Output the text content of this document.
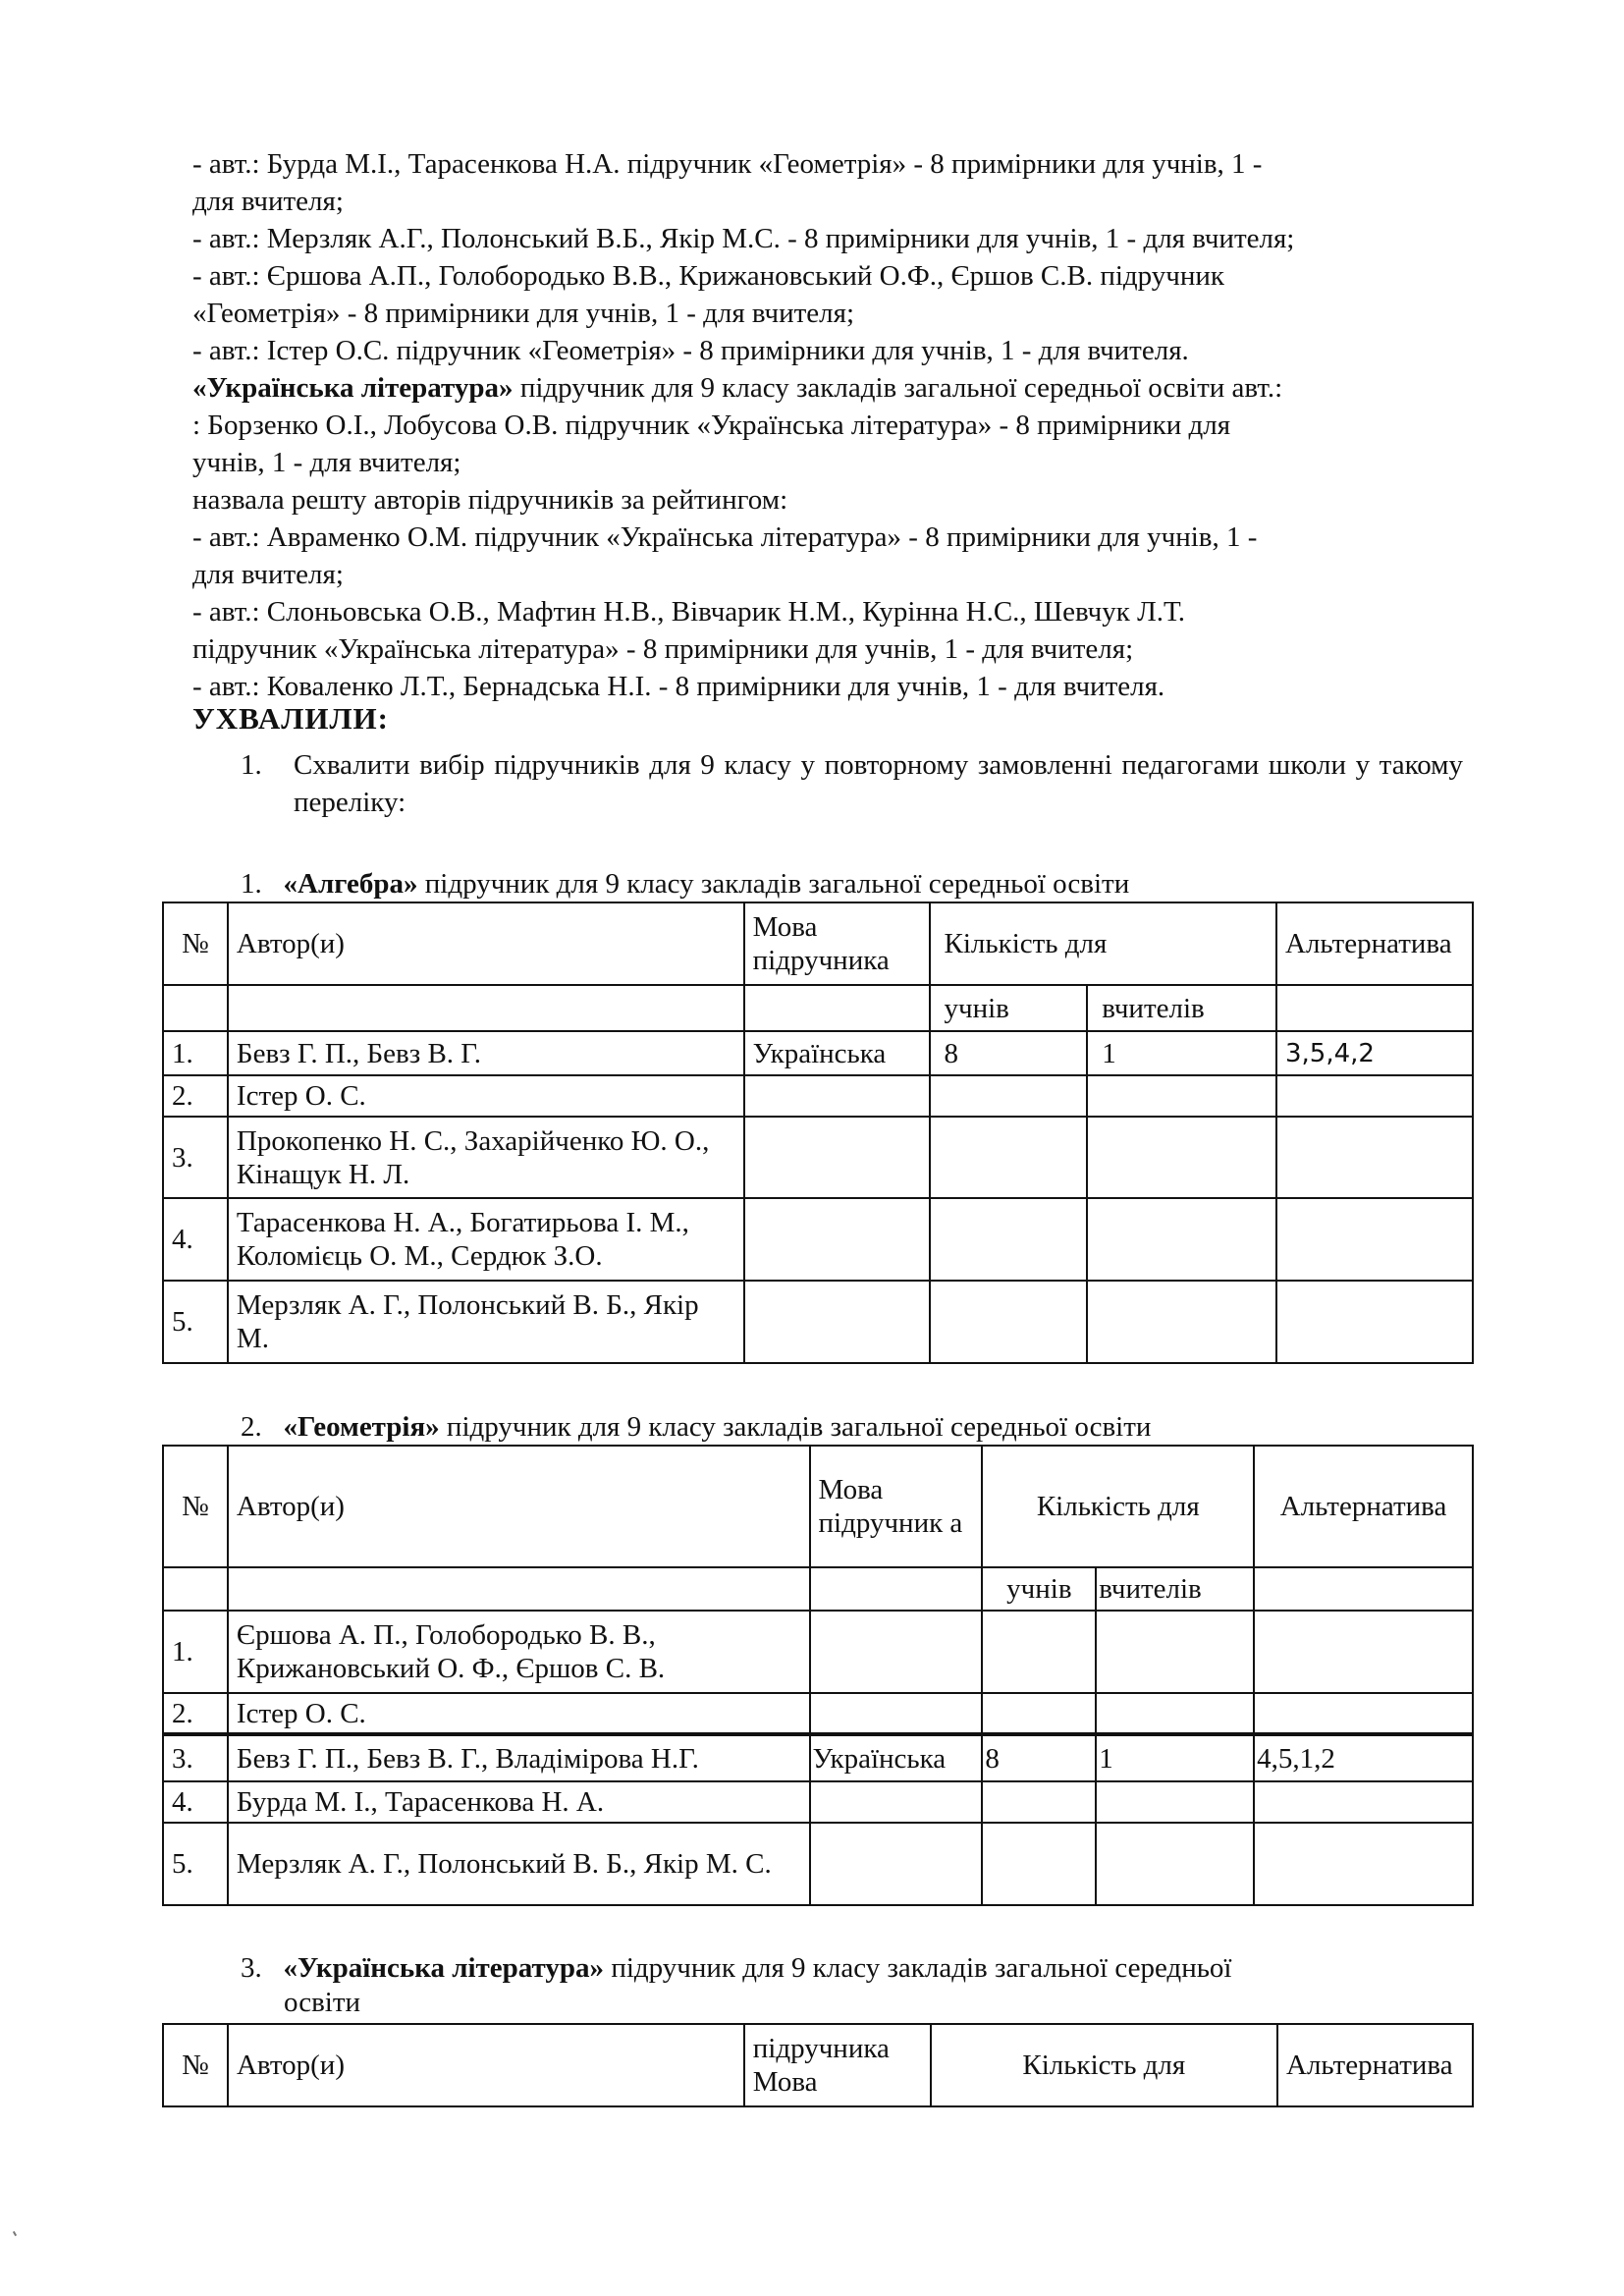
- авт.: Бурда М.І., Тарасенкова Н.А. підручник «Геометрія» - 8 примірники для учнів, 1 -
для вчителя;
- авт.: Мерзляк А.Г., Полонський В.Б., Якір М.С. - 8 примірники для учнів, 1 - для вчителя;
- авт.: Єршова А.П., Голобородько В.В., Крижановський О.Ф., Єршов С.В. підручник
«Геометрія» - 8 примірники для учнів, 1 - для вчителя;
- авт.: Істер О.С. підручник «Геометрія» - 8 примірники для учнів, 1 - для вчителя.
«Українська література» підручник для 9 класу закладів загальної середньої освіти авт.:
: Борзенко О.І., Лобусова О.В. підручник «Українська література» - 8 примірники для
учнів, 1 - для вчителя;
назвала решту авторів підручників за рейтингом:
- авт.: Авраменко О.М. підручник «Українська література» - 8 примірники для учнів, 1 -
для вчителя;
- авт.: Слоньовська О.В., Мафтин Н.В., Вівчарик Н.М., Курінна Н.С., Шевчук Л.Т.
підручник «Українська література» - 8 примірники для учнів, 1 - для вчителя;
- авт.: Коваленко Л.Т., Бернадська Н.І. - 8 примірники для учнів, 1 - для вчителя.
УХВАЛИЛИ:
1. Схвалити вибір підручників для 9 класу у повторному замовленні педагогами школи у такому переліку:
1. «Алгебра» підручник для 9 класу закладів загальної середньої освіти
№	Автор(и)	Мова підручника	Кількість для		Альтернатива
			учнів	вчителів	
1.	Бевз Г. П., Бевз В. Г.	Українська	8	1	3,5,4,2
2.	Істер О. С.				
3.	Прокопенко Н. С., Захарійченко Ю. О., Кінащук Н. Л.				
4.	Тарасенкова Н. А., Богатирьова І. М., Коломієць О. М., Сердюк З.О.				
5.	Мерзляк А. Г., Полонський В. Б., Якір М.				
2. «Геометрія» підручник для 9 класу закладів загальної середньої освіти
№	Автор(и)	Мова підручник а	Кількість для		Альтернатива
			учнів	вчителів	
1.	Єршова А. П., Голобородько В. В., Крижановський О. Ф., Єршов С. В.				
2.	Істер О. С.				
3.	Бевз Г. П., Бевз В. Г., Владімірова Н.Г.	Українська	8	1	4,5,1,2
4.	Бурда М. І., Тарасенкова Н. А.				
5.	Мерзляк А. Г., Полонський В. Б., Якір М. С.				
3. «Українська література» підручник для 9 класу закладів загальної середньої
освіти
№	Автор(и)	підручника Мова	Кількість для	Альтернатива
